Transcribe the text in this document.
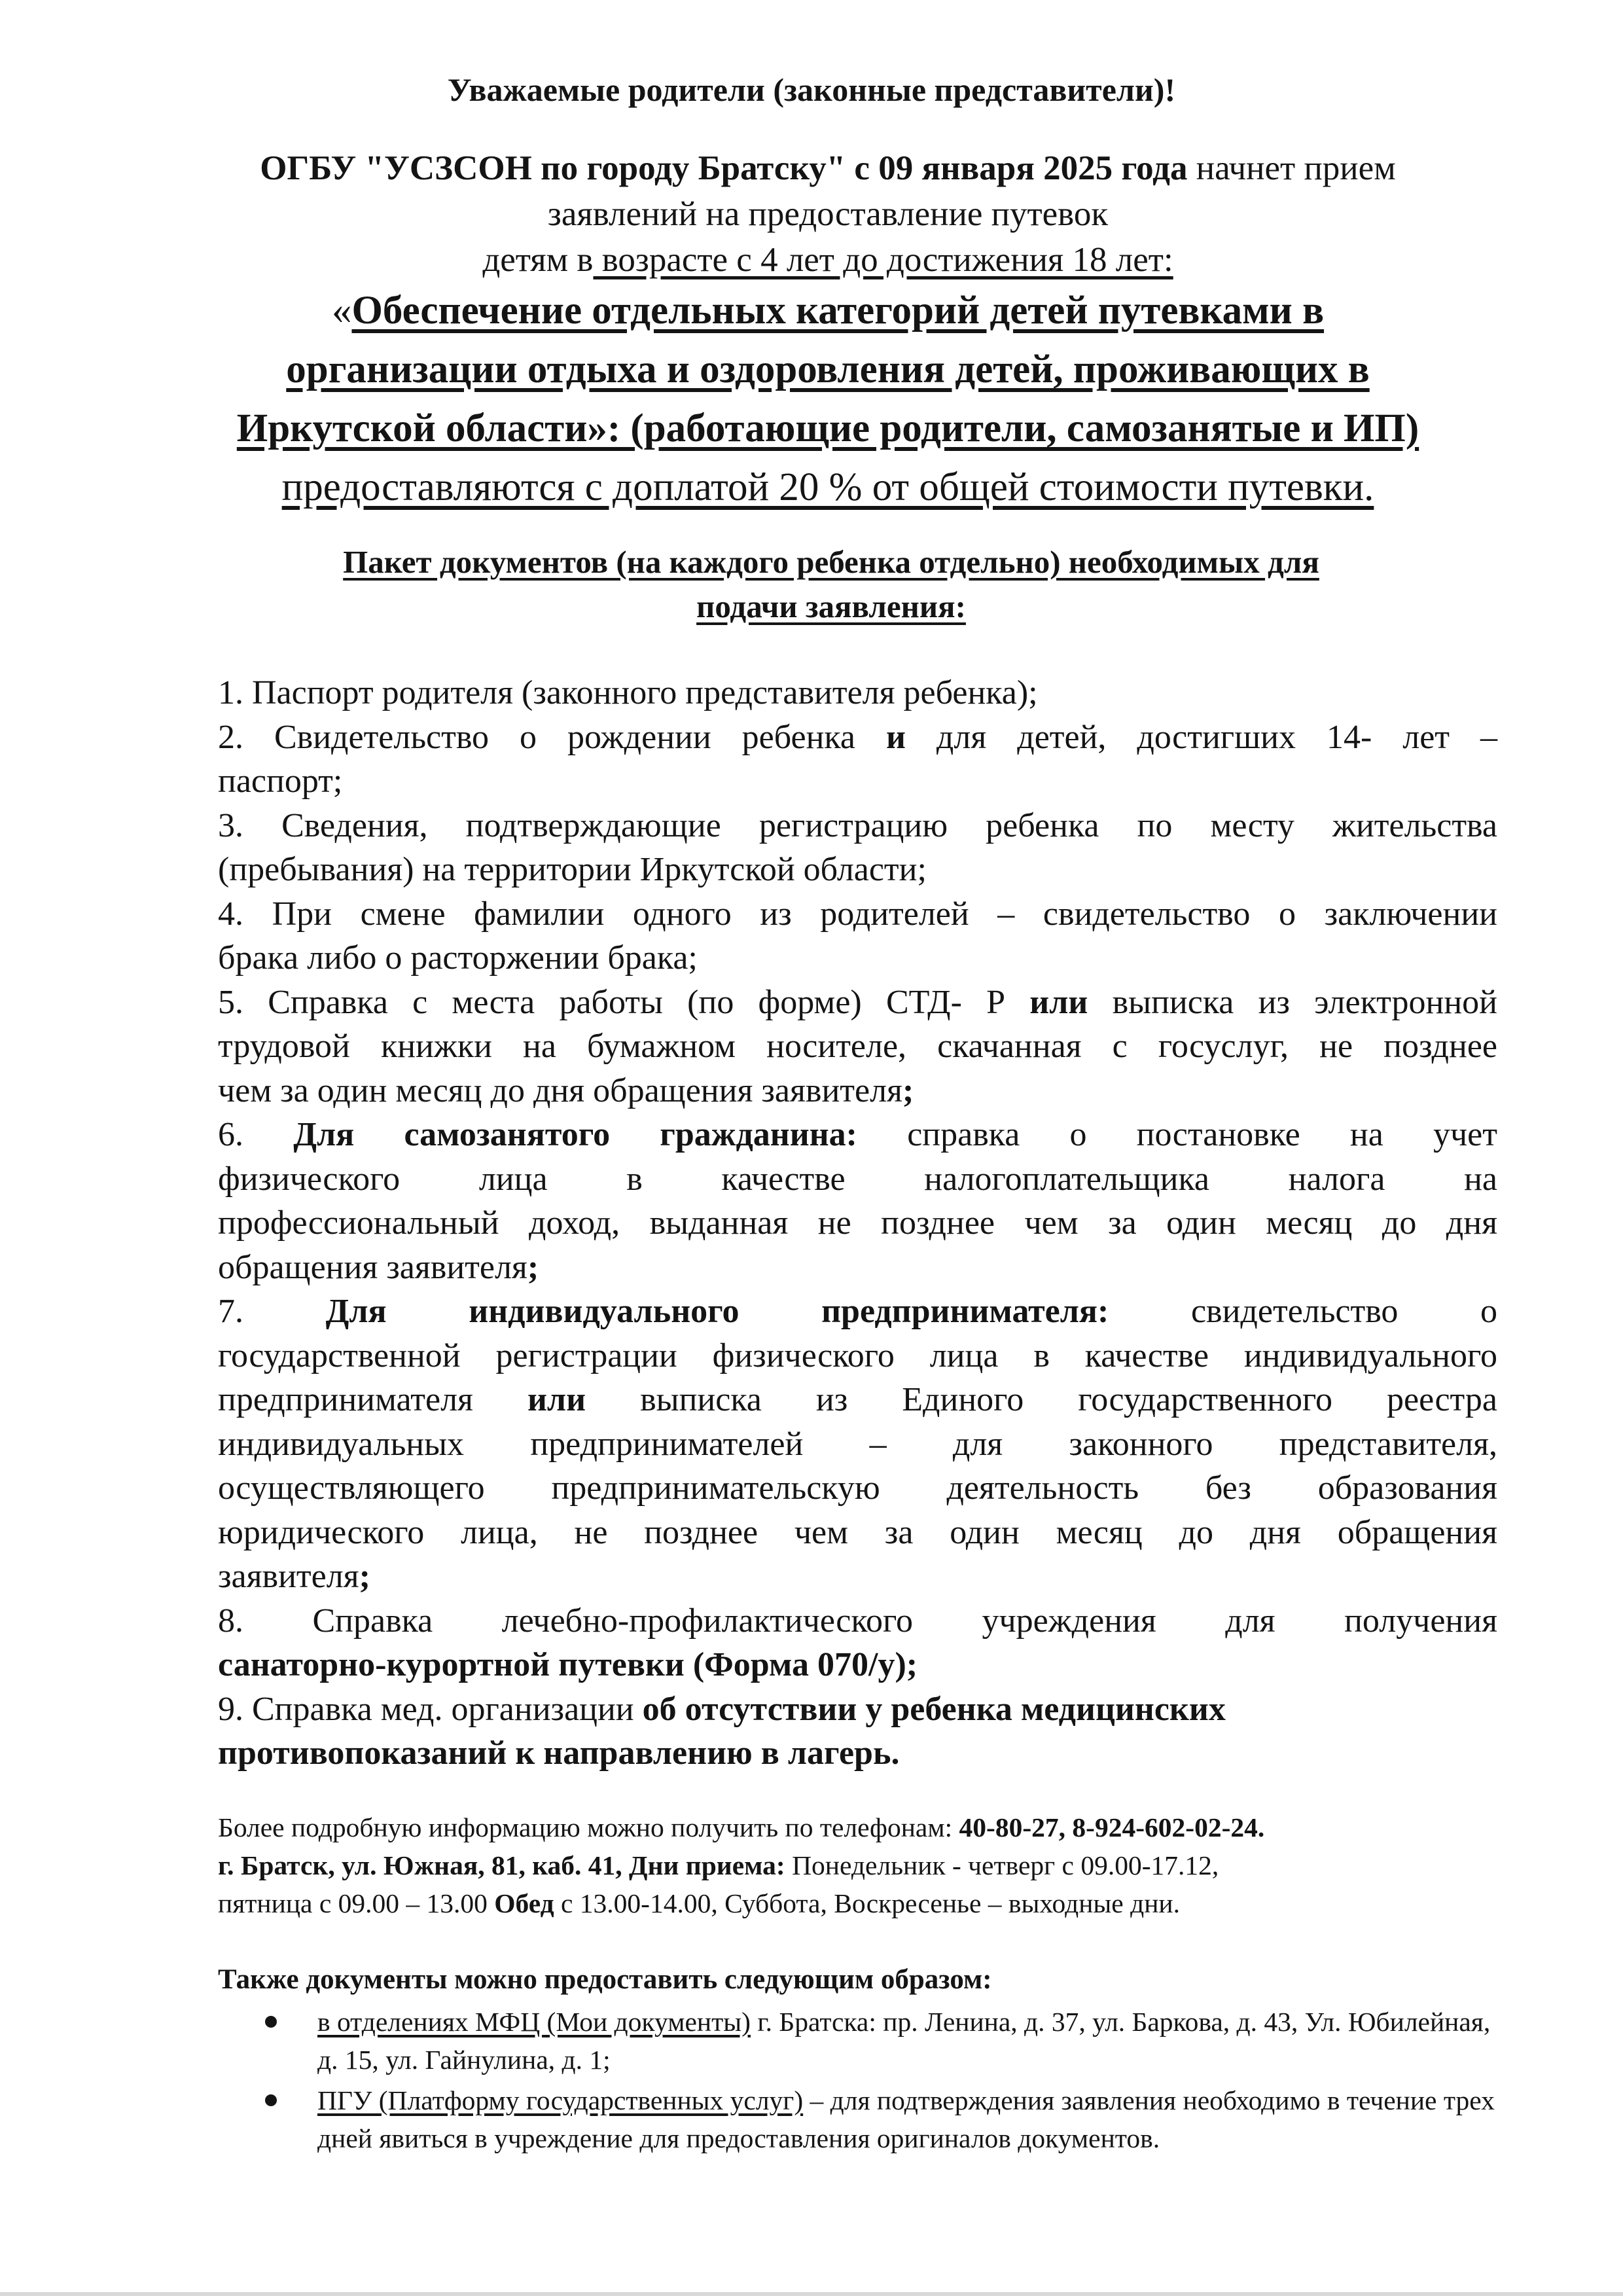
Уважаемые родители (законные представители)!
ОГБУ "УСЗСОН по городу Братску" с 09 января 2025 года начнет прием
заявлений на предоставление путевок
детям в возрасте с 4 лет до достижения 18 лет:
«Обеспечение отдельных категорий детей путевками в
организации отдыха и оздоровления детей, проживающих в
Иркутской области»: (работающие родители, самозанятые и ИП)
предоставляются с доплатой 20 % от общей стоимости путевки.
Пакет документов (на каждого ребенка отдельно) необходимых для
подачи заявления:
1. Паспорт родителя (законного представителя ребенка);
2. Свидетельство о рождении ребенка и для детей, достигших 14- лет –
паспорт;
3. Сведения, подтверждающие регистрацию ребенка по месту жительства
(пребывания) на территории Иркутской области;
4. При смене фамилии одного из родителей – свидетельство о заключении
брака либо о расторжении брака;
5. Справка с места работы (по форме) СТД- Р или выписка из электронной
трудовой книжки на бумажном носителе, скачанная с госуслуг, не позднее
чем за один месяц до дня обращения заявителя;
6. Для самозанятого гражданина: справка о постановке на учет
физического лица в качестве налогоплательщика налога на
профессиональный доход, выданная не позднее чем за один месяц до дня
обращения заявителя;
7. Для индивидуального предпринимателя: свидетельство о
государственной регистрации физического лица в качестве индивидуального
предпринимателя или выписка из Единого государственного реестра
индивидуальных предпринимателей – для законного представителя,
осуществляющего предпринимательскую деятельность без образования
юридического лица, не позднее чем за один месяц до дня обращения
заявителя;
8. Справка лечебно-профилактического учреждения для получения
санаторно-курортной путевки (Форма 070/у);
9. Справка мед. организации об отсутствии у ребенка медицинских
противопоказаний к направлению в лагерь.
Более подробную информацию можно получить по телефонам: 40-80-27, 8-924-602-02-24.
г. Братск, ул. Южная, 81, каб. 41, Дни приема: Понедельник - четверг с 09.00-17.12,
пятница с 09.00 – 13.00 Обед с 13.00-14.00, Суббота, Воскресенье – выходные дни.
Также документы можно предоставить следующим образом:
в отделениях МФЦ (Мои документы) г. Братска: пр. Ленина, д. 37, ул. Баркова, д. 43, Ул. Юбилейная, д. 15, ул. Гайнулина, д. 1;
ПГУ (Платформу государственных услуг) – для подтверждения заявления необходимо в течение трех дней явиться в учреждение для предоставления оригиналов документов.
